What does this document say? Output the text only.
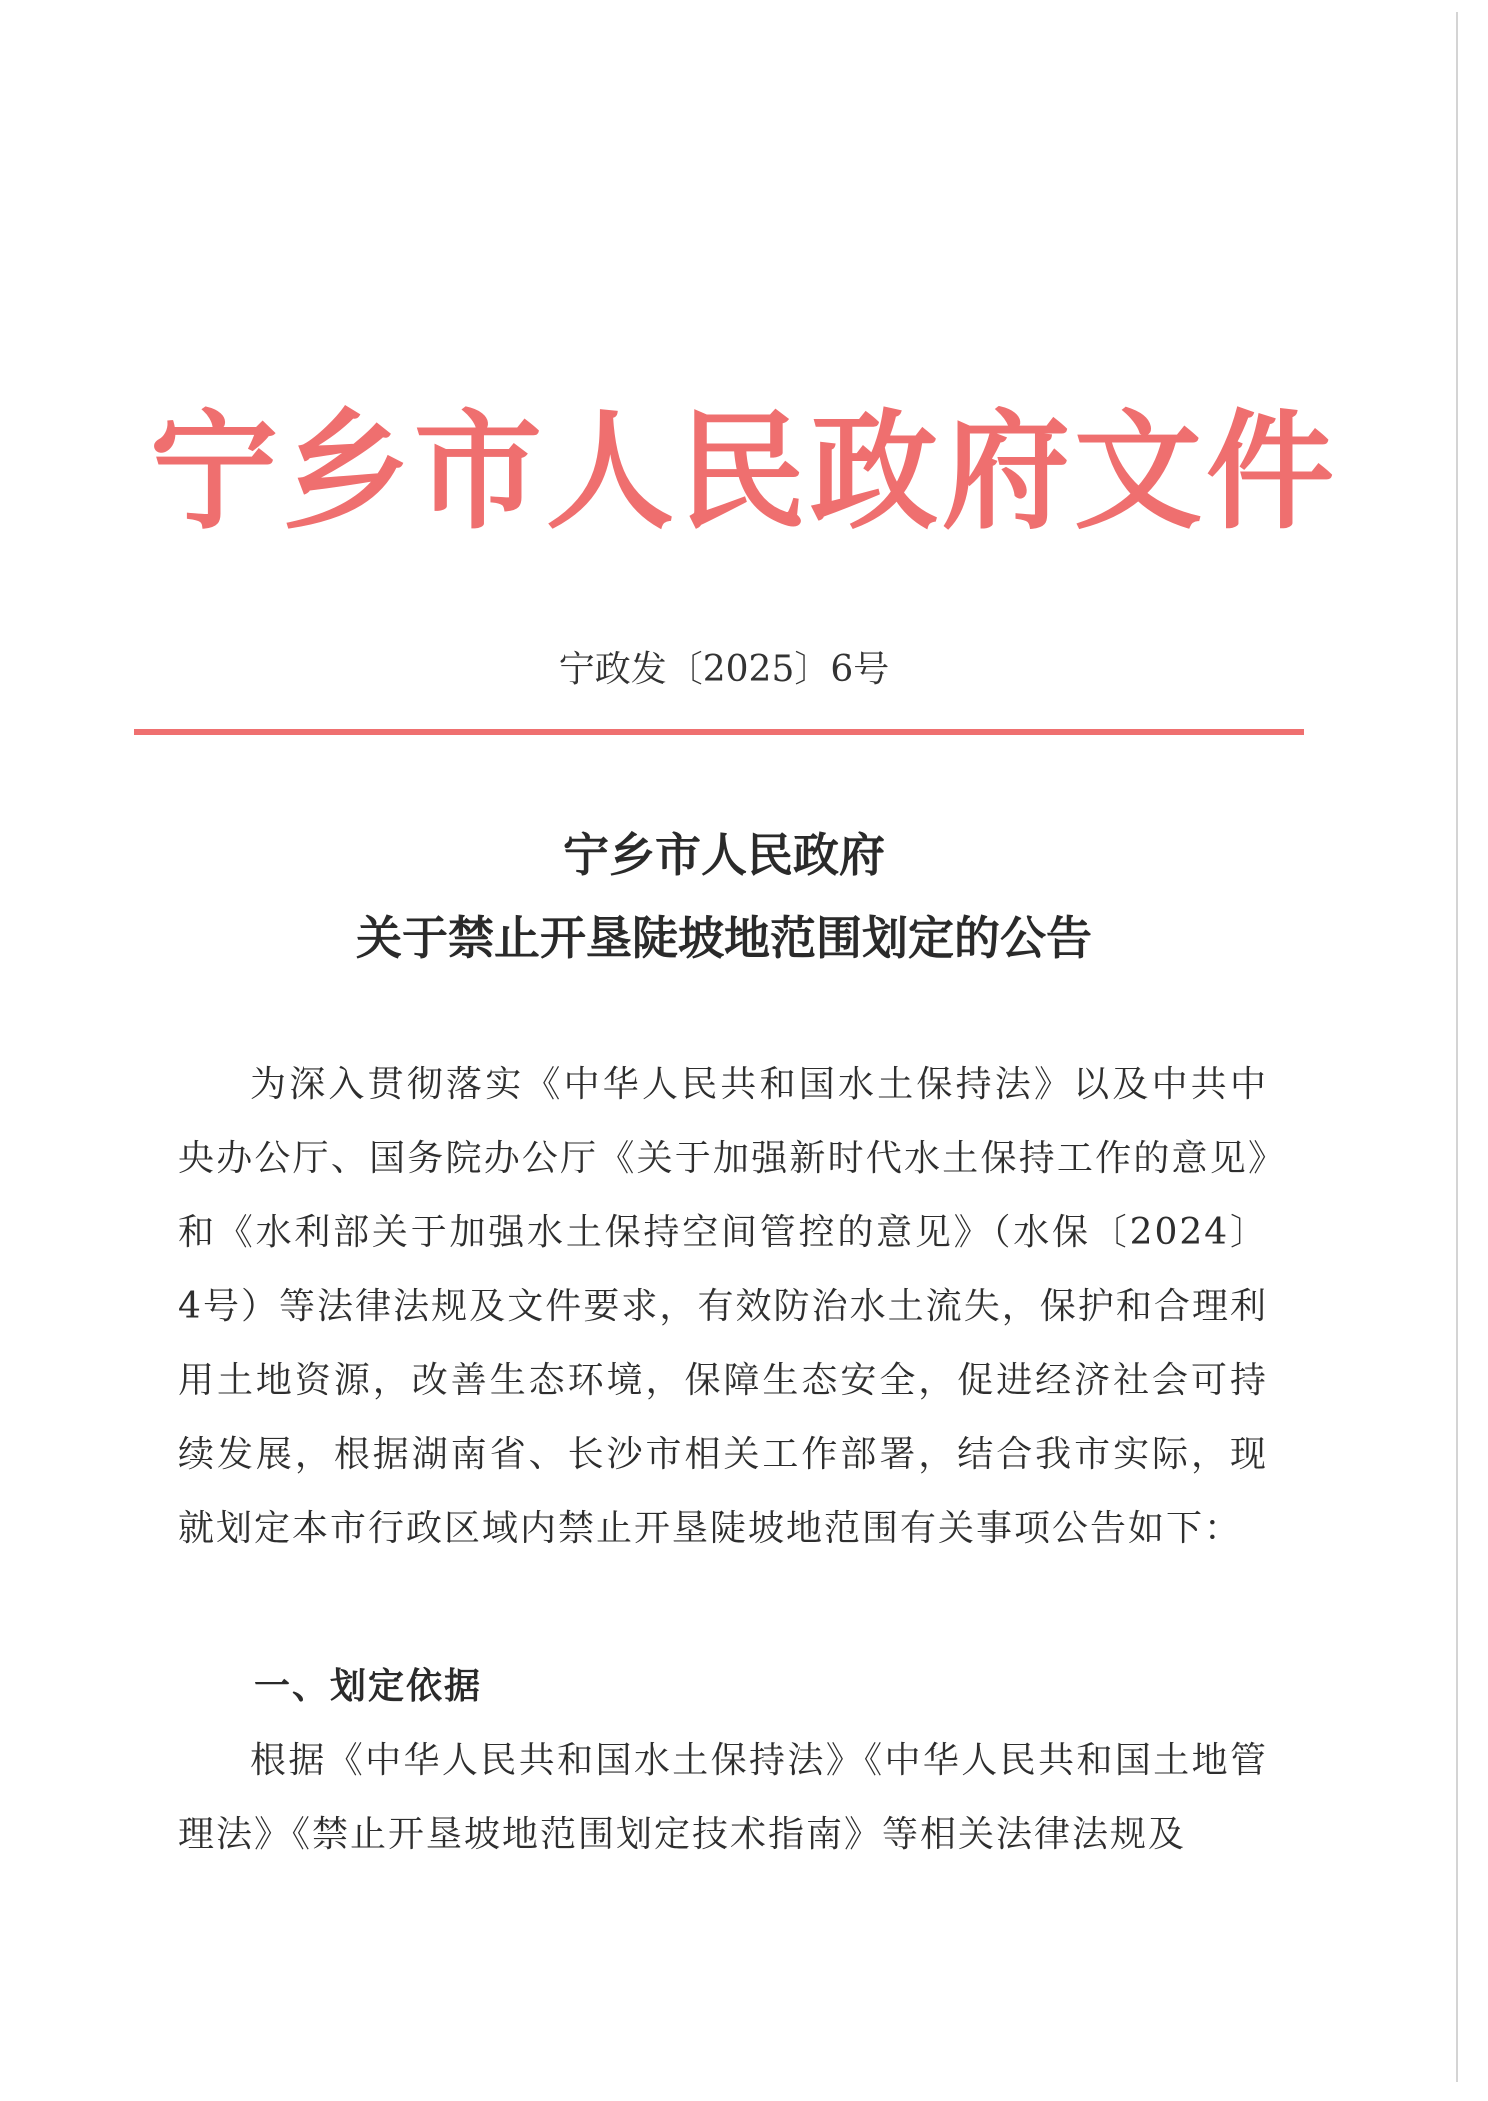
宁乡市人民政府文件
宁政发〔2025〕6号
宁乡市人民政府
关于禁止开垦陡坡地范围划定的公告

为深入贯彻落实《中华人民共和国水土保持法》以及中共中央办公厅、国务院办公厅《关于加强新时代水土保持工作的意见》和《水利部关于加强水土保持空间管控的意见》（水保〔2024〕4号）等法律法规及文件要求，有效防治水土流失，保护和合理利用土地资源，改善生态环境，保障生态安全，促进经济社会可持续发展，根据湖南省、长沙市相关工作部署，结合我市实际，现就划定本市行政区域内禁止开垦陡坡地范围有关事项公告如下：

一、划定依据

根据《中华人民共和国水土保持法》《中华人民共和国土地管理法》《禁止开垦坡地范围划定技术指南》等相关法律法规及
